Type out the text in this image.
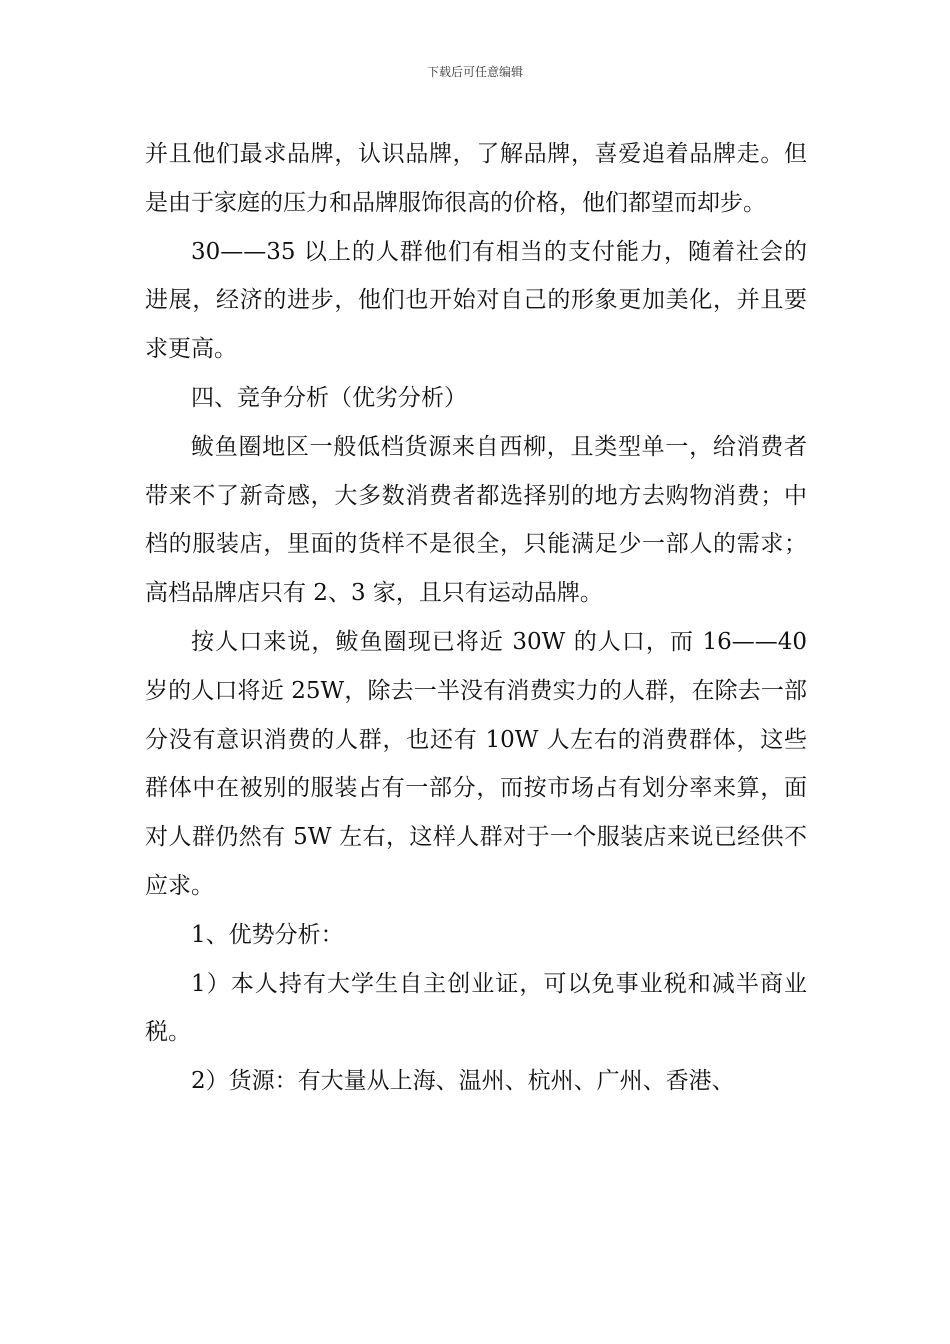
下载后可任意编辑

并且他们最求品牌，认识品牌，了解品牌，喜爱追着品牌走。但是由于家庭的压力和品牌服饰很高的价格，他们都望而却步。

30——35 以上的人群他们有相当的支付能力，随着社会的进展，经济的进步，他们也开始对自己的形象更加美化，并且要求更高。

四、竞争分析（优劣分析）

鲅鱼圈地区一般低档货源来自西柳，且类型单一，给消费者带来不了新奇感，大多数消费者都选择别的地方去购物消费；中档的服装店，里面的货样不是很全，只能满足少一部人的需求；高档品牌店只有 2、3 家，且只有运动品牌。

按人口来说，鲅鱼圈现已将近 30W 的人口，而 16——40 岁的人口将近 25W，除去一半没有消费实力的人群，在除去一部分没有意识消费的人群，也还有 10W 人左右的消费群体，这些群体中在被别的服装占有一部分，而按市场占有划分率来算，面对人群仍然有 5W 左右，这样人群对于一个服装店来说已经供不应求。

1、优势分析：

1）本人持有大学生自主创业证，可以免事业税和减半商业税。

2）货源：有大量从上海、温州、杭州、广州、香港、
